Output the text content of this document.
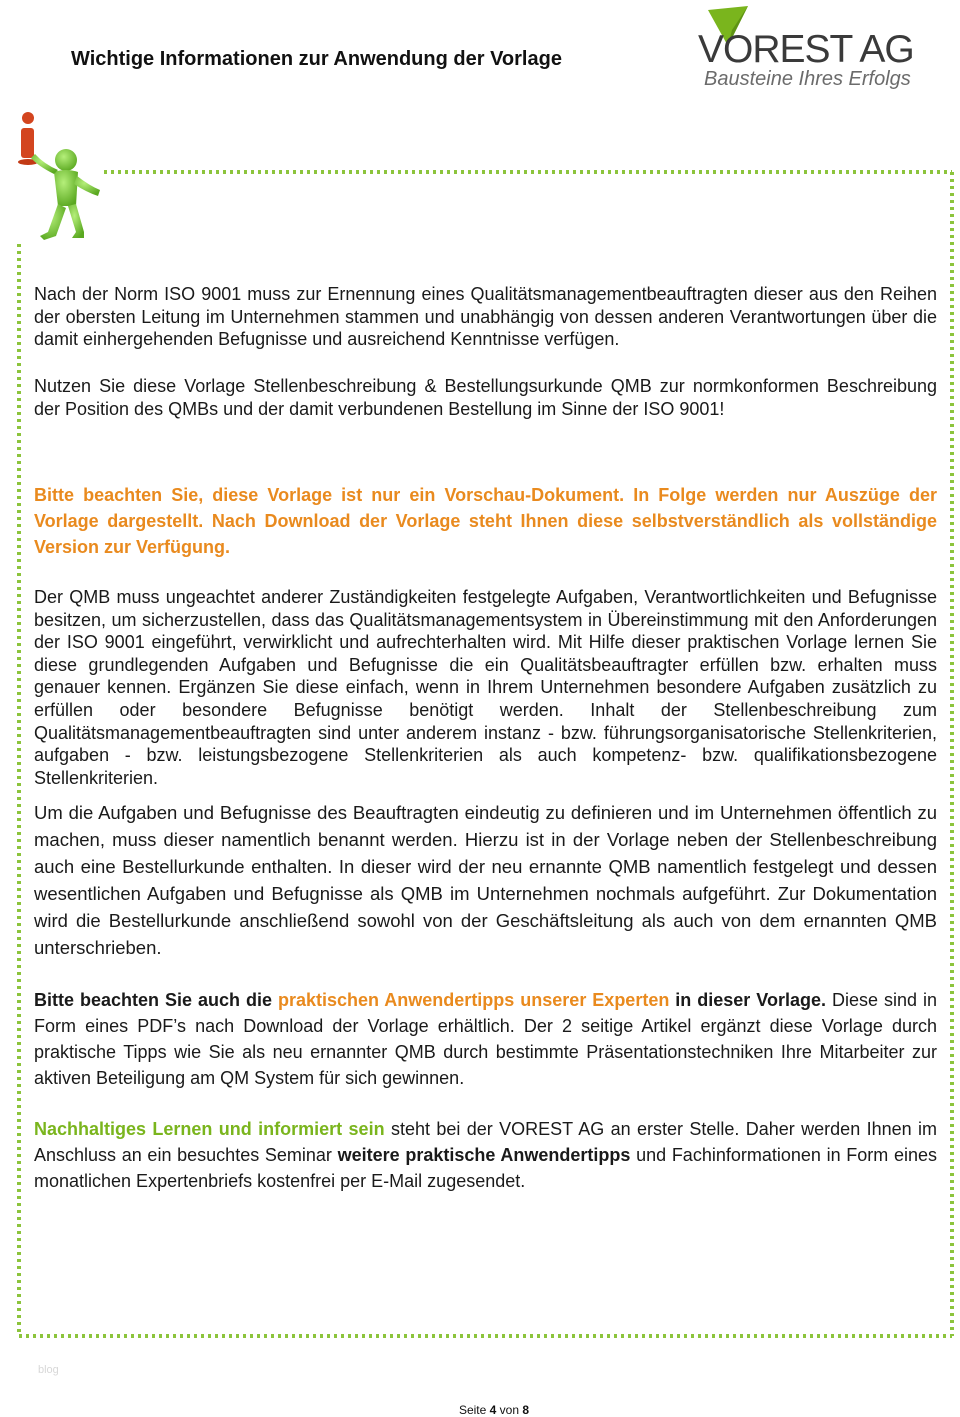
Wichtige Informationen zur Anwendung der Vorlage	VOREST AG
Bausteine Ihres Erfolgs

Nach der Norm ISO 9001 muss zur Ernennung eines Qualitätsmanagementbeauftragten dieser aus den Reihen der obersten Leitung im Unternehmen stammen und unabhängig von dessen anderen Verantwortungen über die damit einhergehenden Befugnisse und ausreichend Kenntnisse verfügen.

Nutzen Sie diese Vorlage Stellenbeschreibung & Bestellungsurkunde QMB zur normkonformen Beschreibung der Position des QMBs und der damit verbundenen Bestellung im Sinne der ISO 9001!

Bitte beachten Sie, diese Vorlage ist nur ein Vorschau-Dokument. In Folge werden nur Auszüge der Vorlage dargestellt. Nach Download der Vorlage steht Ihnen diese selbstverständlich als vollständige Version zur Verfügung.

Der QMB muss ungeachtet anderer Zuständigkeiten festgelegte Aufgaben, Verantwortlichkeiten und Befugnisse besitzen, um sicherzustellen, dass das Qualitätsmanagementsystem in Übereinstimmung mit den Anforderungen der ISO 9001 eingeführt, verwirklicht und aufrechterhalten wird. Mit Hilfe dieser praktischen Vorlage lernen Sie diese grundlegenden Aufgaben und Befugnisse die ein Qualitätsbeauftragter erfüllen bzw. erhalten muss genauer kennen. Ergänzen Sie diese einfach, wenn in Ihrem Unternehmen besondere Aufgaben zusätzlich zu erfüllen oder besondere Befugnisse benötigt werden. Inhalt der Stellenbeschreibung zum Qualitätsmanagementbeauftragten sind unter anderem instanz - bzw. führungsorganisatorische Stellenkriterien, aufgaben - bzw. leistungsbezogene Stellenkriterien als auch kompetenz- bzw. qualifikationsbezogene Stellenkriterien.

Um die Aufgaben und Befugnisse des Beauftragten eindeutig zu definieren und im Unternehmen öffentlich zu machen, muss dieser namentlich benannt werden. Hierzu ist in der Vorlage neben der Stellenbeschreibung auch eine Bestellurkunde enthalten. In dieser wird der neu ernannte QMB namentlich festgelegt und dessen wesentlichen Aufgaben und Befugnisse als QMB im Unternehmen nochmals aufgeführt. Zur Dokumentation wird die Bestellurkunde anschließend sowohl von der Geschäftsleitung als auch von dem ernannten QMB unterschrieben.

Bitte beachten Sie auch die praktischen Anwendertipps unserer Experten in dieser Vorlage. Diese sind in Form eines PDF’s nach Download der Vorlage erhältlich. Der 2 seitige Artikel ergänzt diese Vorlage durch praktische Tipps wie Sie als neu ernannter QMB durch bestimmte Präsentationstechniken Ihre Mitarbeiter zur aktiven Beteiligung am QM System für sich gewinnen.

Nachhaltiges Lernen und informiert sein steht bei der VOREST AG an erster Stelle. Daher werden Ihnen im Anschluss an ein besuchtes Seminar weitere praktische Anwendertipps und Fachinformationen in Form eines monatlichen Expertenbriefs kostenfrei per E-Mail zugesendet.

blog
Seite 4 von 8
